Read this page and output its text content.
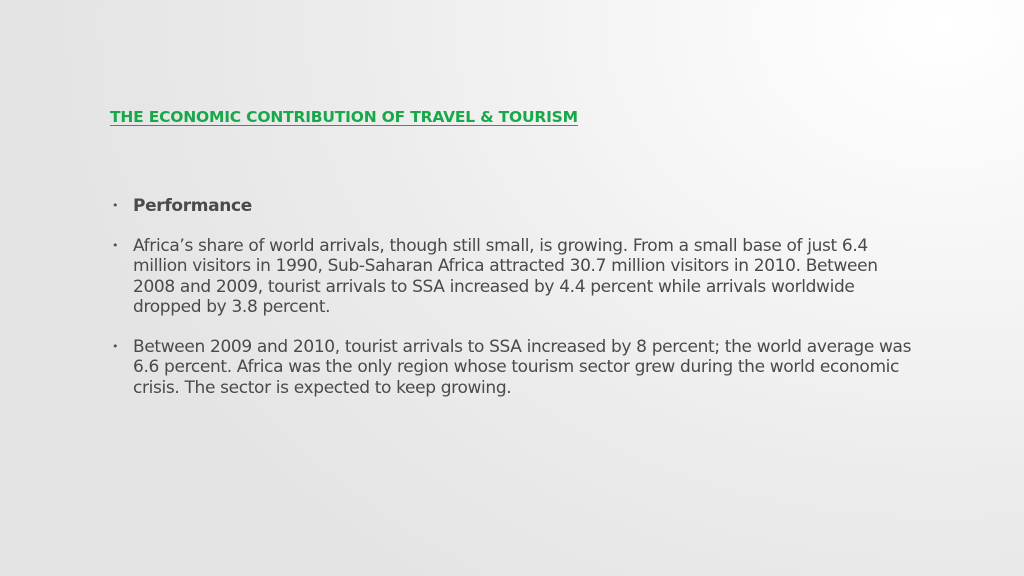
THE ECONOMIC CONTRIBUTION OF TRAVEL & TOURISM
• Performance
• Africa’s share of world arrivals, though still small, is growing. From a small base of just 6.4 million visitors in 1990, Sub-Saharan Africa attracted 30.7 million visitors in 2010. Between 2008 and 2009, tourist arrivals to SSA increased by 4.4 percent while arrivals worldwide dropped by 3.8 percent.
• Between 2009 and 2010, tourist arrivals to SSA increased by 8 percent; the world average was 6.6 percent. Africa was the only region whose tourism sector grew during the world economic crisis. The sector is expected to keep growing.
